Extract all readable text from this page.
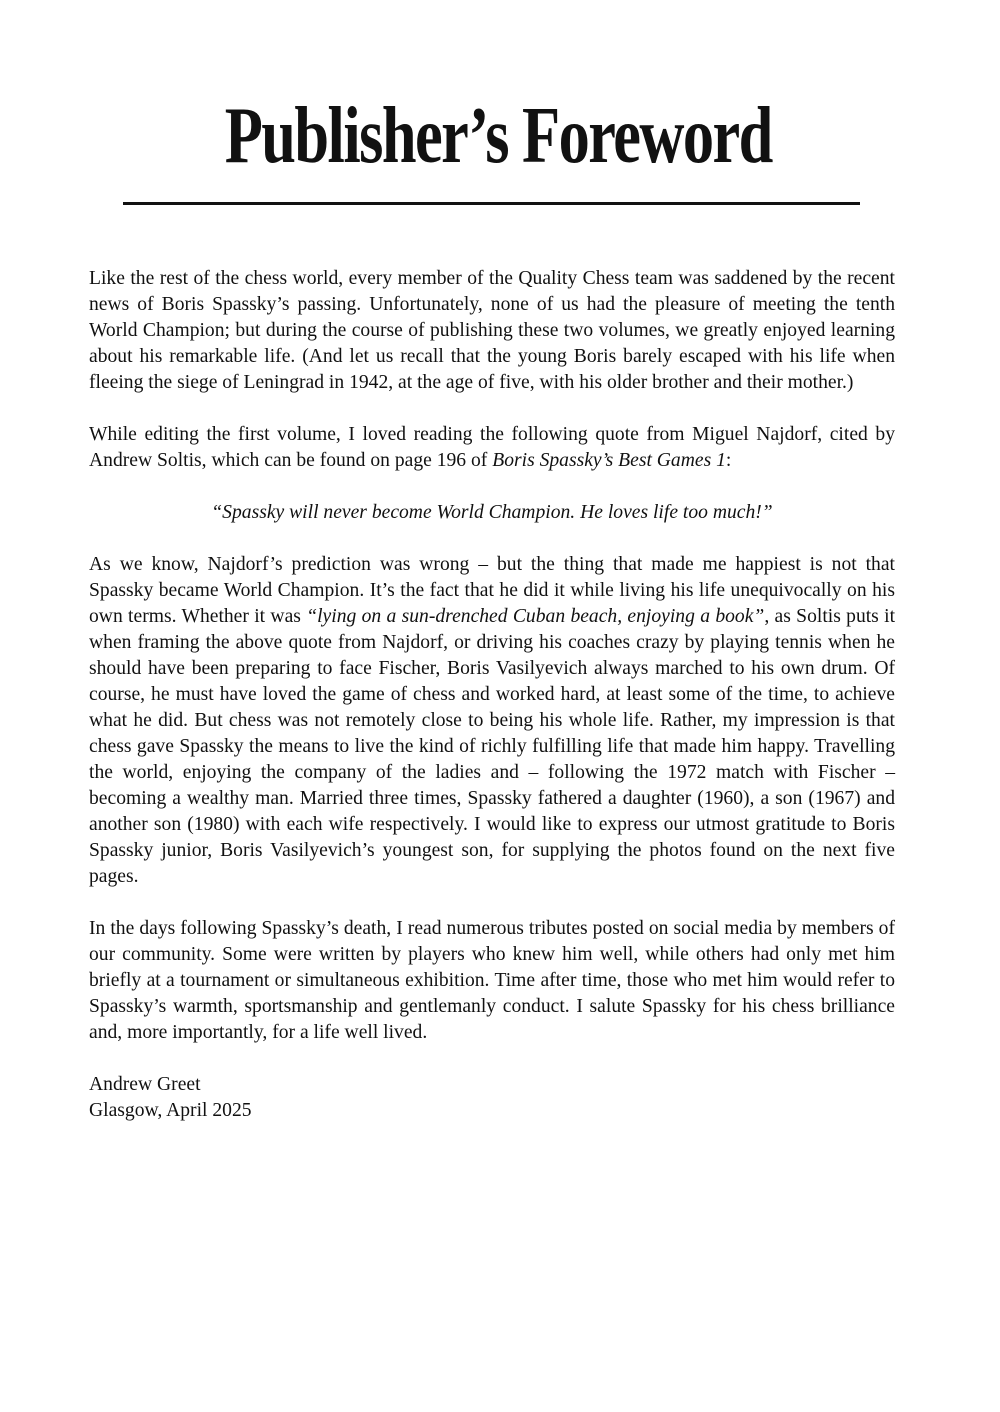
Publisher’s Foreword

Like the rest of the chess world, every member of the Quality Chess team was saddened by the recent news of Boris Spassky’s passing. Unfortunately, none of us had the pleasure of meeting the tenth World Champion; but during the course of publishing these two volumes, we greatly enjoyed learning about his remarkable life. (And let us recall that the young Boris barely escaped with his life when fleeing the siege of Leningrad in 1942, at the age of five, with his older brother and their mother.)

While editing the first volume, I loved reading the following quote from Miguel Najdorf, cited by Andrew Soltis, which can be found on page 196 of Boris Spassky’s Best Games 1:

“Spassky will never become World Champion. He loves life too much!”

As we know, Najdorf’s prediction was wrong – but the thing that made me happiest is not that Spassky became World Champion. It’s the fact that he did it while living his life unequivocally on his own terms. Whether it was “lying on a sun-drenched Cuban beach, enjoying a book”, as Soltis puts it when framing the above quote from Najdorf, or driving his coaches crazy by playing tennis when he should have been preparing to face Fischer, Boris Vasilyevich always marched to his own drum. Of course, he must have loved the game of chess and worked hard, at least some of the time, to achieve what he did. But chess was not remotely close to being his whole life. Rather, my impression is that chess gave Spassky the means to live the kind of richly fulfilling life that made him happy. Travelling the world, enjoying the company of the ladies and – following the 1972 match with Fischer – becoming a wealthy man. Married three times, Spassky fathered a daughter (1960), a son (1967) and another son (1980) with each wife respectively. I would like to express our utmost gratitude to Boris Spassky junior, Boris Vasilyevich’s youngest son, for supplying the photos found on the next five pages.

In the days following Spassky’s death, I read numerous tributes posted on social media by members of our community. Some were written by players who knew him well, while others had only met him briefly at a tournament or simultaneous exhibition. Time after time, those who met him would refer to Spassky’s warmth, sportsmanship and gentlemanly conduct. I salute Spassky for his chess brilliance and, more importantly, for a life well lived.

Andrew Greet
Glasgow, April 2025
